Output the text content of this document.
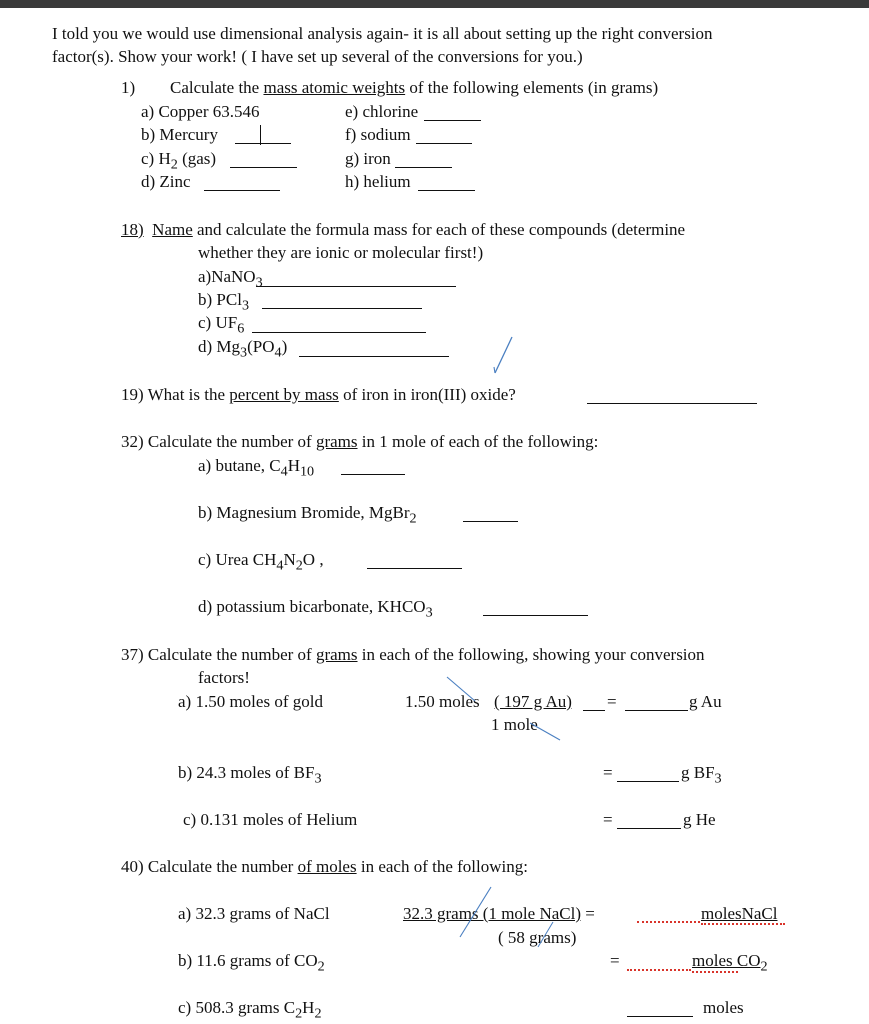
I told you we would use dimensional analysis again- it is all about setting up the right conversion
factor(s). Show your work! ( I have set up several of the conversions for you.)
1) Calculate the mass atomic weights of the following elements (in grams)
a) Copper 63.546
b) Mercury
c) $H_2$ (gas)
d) Zinc
e) chlorine
f) sodium
g) iron
h) helium
18) Name and calculate the formula mass for each of these compounds (determine
whether they are ionic or molecular first!)
a)NaNO$_3$
b) PCl$_3$
c) $UF_6$
d) $Mg_3(PO_4)$
19) What is the percent by mass of iron in iron(III) oxide?
32) Calculate the number of grams in 1 mole of each of the following:
a) butane, $C_4H_{10}$
b) Magnesium Bromide, MgBr$_2$
c) Urea $CH_4N_2O$ ,
d) potassium bicarbonate, $KHCO_3$
37) Calculate the number of grams in each of the following, showing your conversion
factors!
a) 1.50 moles of gold	1.50 moles ( 197 g Au) =	g Au
1 mole
b) 24.3 moles of $BF_3$	=	g $BF_3$
c) 0.131 moles of Helium	=	g He
40) Calculate the number of moles in each of the following:
a) 32.3 grams of NaCl	32.3 grams (1 mole NaCl) =
( 58 grams)
molesNaCl
b) 11.6 grams of $CO_2$	=	moles $CO_2$
c) 508.3 grams $C_2H_2$	moles
